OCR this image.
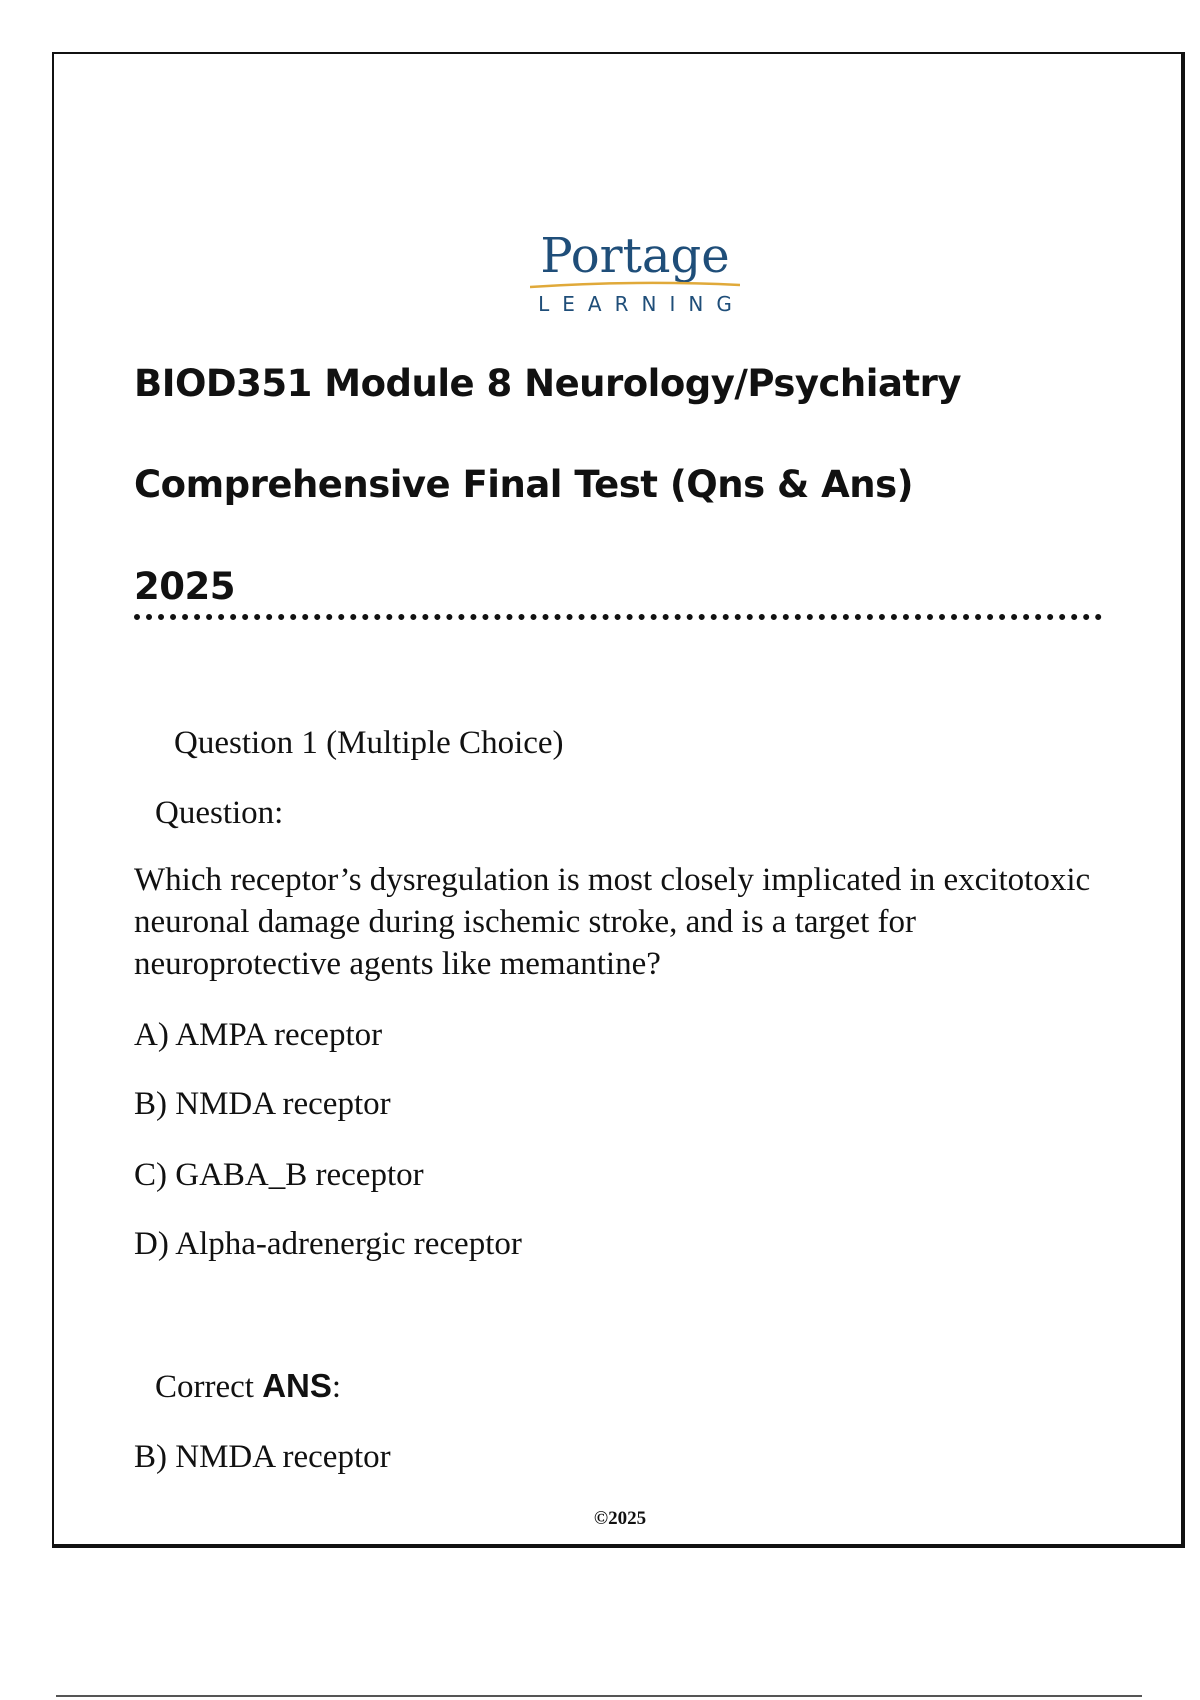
Portage
LEARNING
BIOD351 Module 8 Neurology/Psychiatry
Comprehensive Final Test (Qns & Ans)
2025
Question 1 (Multiple Choice)
Question:
Which receptor’s dysregulation is most closely implicated in excitotoxic neuronal damage during ischemic stroke, and is a target for neuroprotective agents like memantine?
A) AMPA receptor
B) NMDA receptor
C) GABA_B receptor
D) Alpha-adrenergic receptor
Correct ANS:
B) NMDA receptor
©2025
